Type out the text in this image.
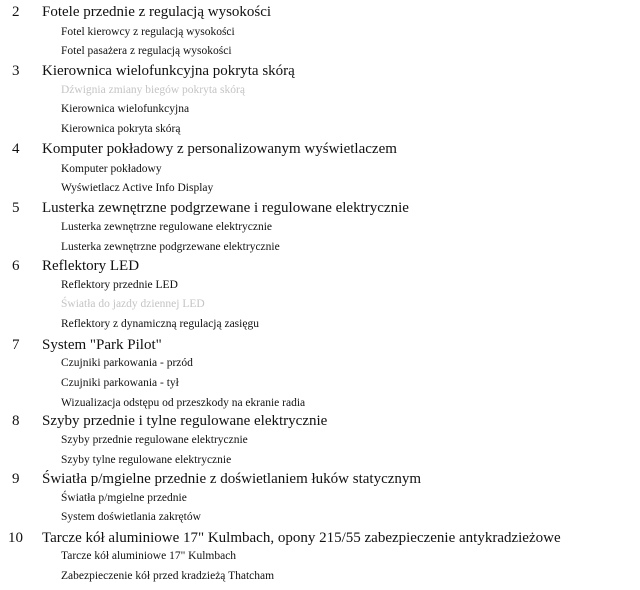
2 Fotele przednie z regulacją wysokości
Fotel kierowcy z regulacją wysokości
Fotel pasażera z regulacją wysokości
3 Kierownica wielofunkcyjna pokryta skórą
Dźwignia zmiany biegów pokryta skórą
Kierownica wielofunkcyjna
Kierownica pokryta skórą
4 Komputer pokładowy z personalizowanym wyświetlaczem
Komputer pokładowy
Wyświetlacz Active Info Display
5 Lusterka zewnętrzne podgrzewane i regulowane elektrycznie
Lusterka zewnętrzne regulowane elektrycznie
Lusterka zewnętrzne podgrzewane elektrycznie
6 Reflektory LED
Reflektory przednie LED
Światła do jazdy dziennej LED
Reflektory z dynamiczną regulacją zasięgu
7 System "Park Pilot"
Czujniki parkowania - przód
Czujniki parkowania - tył
Wizualizacja odstępu od przeszkody na ekranie radia
8 Szyby przednie i tylne regulowane elektrycznie
Szyby przednie regulowane elektrycznie
Szyby tylne regulowane elektrycznie
9 Światła p/mgielne przednie z doświetlaniem łuków statycznym
Światła p/mgielne przednie
System doświetlania zakrętów
10 Tarcze kół aluminiowe 17" Kulmbach, opony 215/55 zabezpieczenie antykradzieżowe
Tarcze kół aluminiowe 17" Kulmbach
Zabezpieczenie kół przed kradzieżą Thatcham
